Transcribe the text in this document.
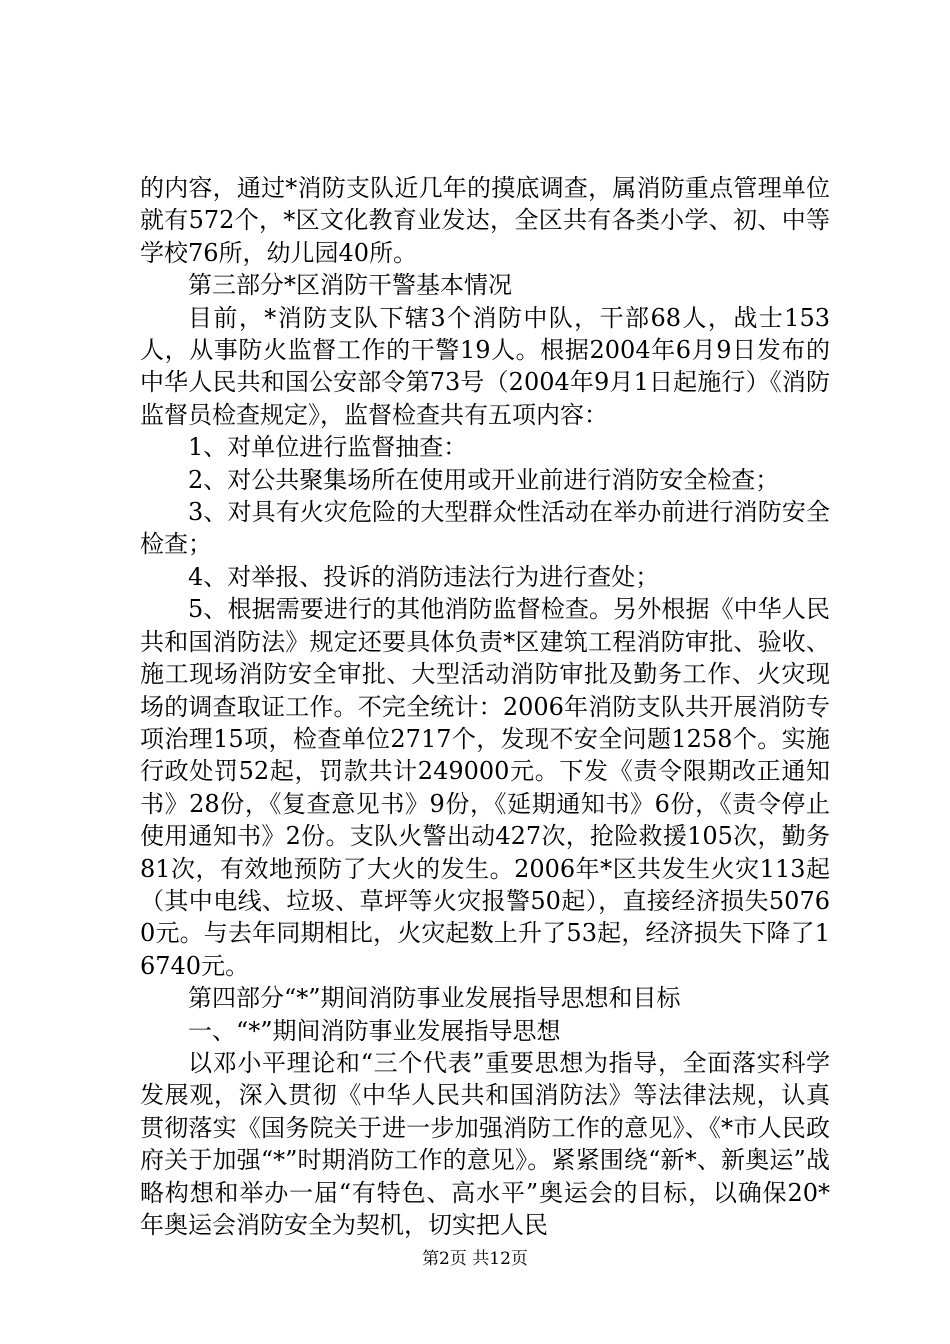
的内容，通过*消防支队近几年的摸底调查，属消防重点管理单位就有572个，*区文化教育业发达，全区共有各类小学、初、中等学校76所，幼儿园40所。

第三部分*区消防干警基本情况

目前，*消防支队下辖3个消防中队，干部68人，战士153人，从事防火监督工作的干警19人。根据2004年6月9日发布的中华人民共和国公安部令第73号（2004年9月1日起施行）《消防监督员检查规定》，监督检查共有五项内容：

1、对单位进行监督抽查：

2、对公共聚集场所在使用或开业前进行消防安全检查；

3、对具有火灾危险的大型群众性活动在举办前进行消防安全检查；

4、对举报、投诉的消防违法行为进行查处；

5、根据需要进行的其他消防监督检查。另外根据《中华人民共和国消防法》规定还要具体负责*区建筑工程消防审批、验收、施工现场消防安全审批、大型活动消防审批及勤务工作、火灾现场的调查取证工作。不完全统计：2006年消防支队共开展消防专项治理15项，检查单位2717个，发现不安全问题1258个。实施行政处罚52起，罚款共计249000元。下发《责令限期改正通知书》28份，《复查意见书》9份，《延期通知书》6份，《责令停止使用通知书》2份。支队火警出动427次，抢险救援105次，勤务81次，有效地预防了大火的发生。2006年*区共发生火灾113起（其中电线、垃圾、草坪等火灾报警50起），直接经济损失50760元。与去年同期相比，火灾起数上升了53起，经济损失下降了16740元。

第四部分“*”期间消防事业发展指导思想和目标

一、“*”期间消防事业发展指导思想

以邓小平理论和“三个代表”重要思想为指导，全面落实科学发展观，深入贯彻《中华人民共和国消防法》等法律法规，认真贯彻落实《国务院关于进一步加强消防工作的意见》、《*市人民政府关于加强“*”时期消防工作的意见》。紧紧围绕“新*、新奥运”战略构想和举办一届“有特色、高水平”奥运会的目标，以确保20*年奥运会消防安全为契机，切实把人民

第2页 共12页
